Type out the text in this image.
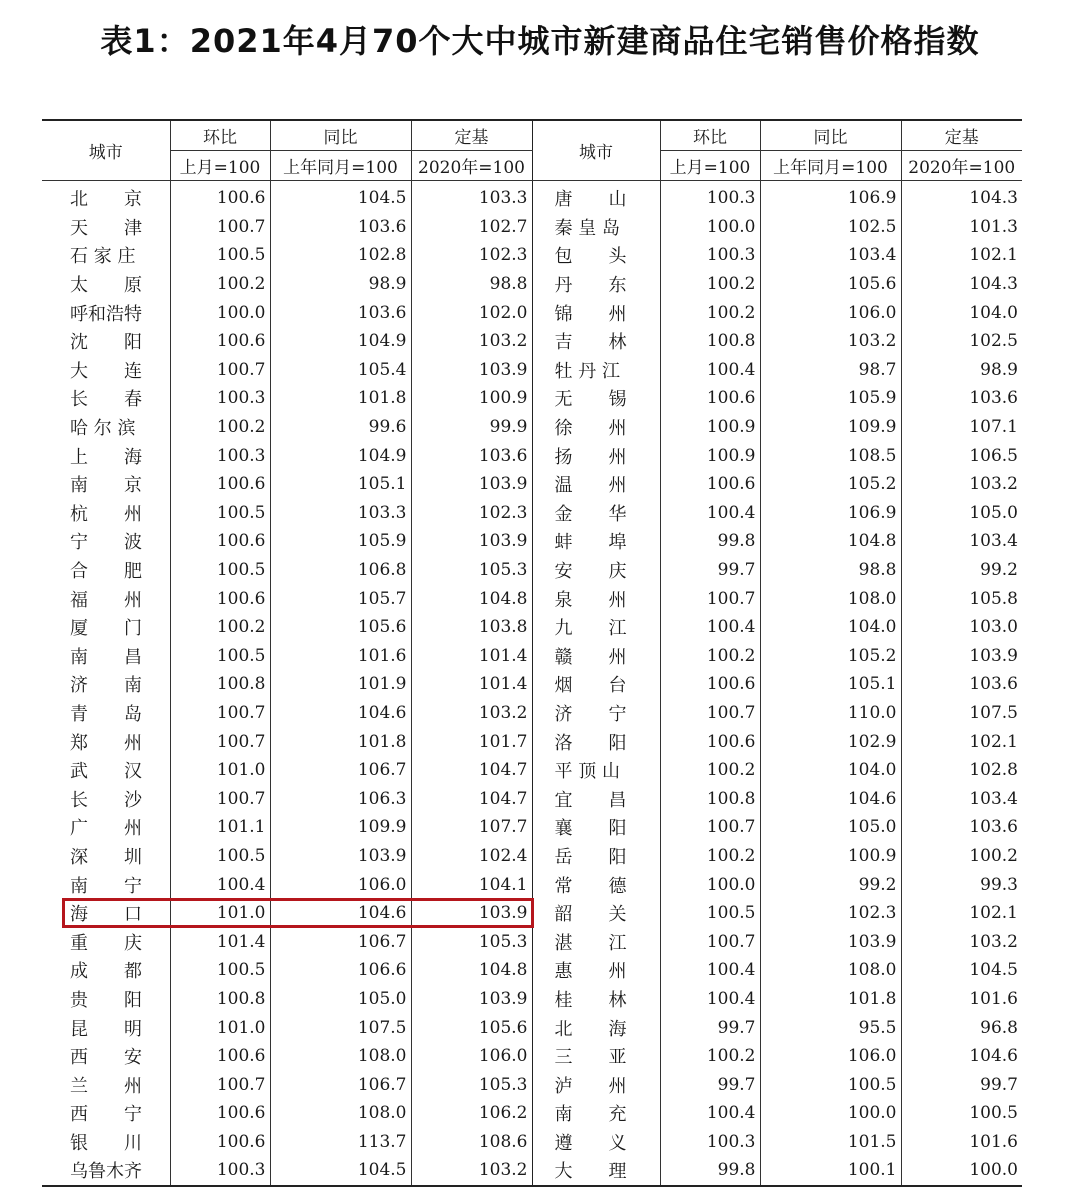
表1：2021年4月70个大中城市新建商品住宅销售价格指数
城市	环比	同比	定基	城市	环比	同比	定基
	上月=100	上年同月=100	2020年=100		上月=100	上年同月=100	2020年=100
北　　京	100.6	104.5	103.3	唐　　山	100.3	106.9	104.3
天　　津	100.7	103.6	102.7	秦 皇 岛	100.0	102.5	101.3
石 家 庄	100.5	102.8	102.3	包　　头	100.3	103.4	102.1
太　　原	100.2	98.9	98.8	丹　　东	100.2	105.6	104.3
呼和浩特	100.0	103.6	102.0	锦　　州	100.2	106.0	104.0
沈　　阳	100.6	104.9	103.2	吉　　林	100.8	103.2	102.5
大　　连	100.7	105.4	103.9	牡 丹 江	100.4	98.7	98.9
长　　春	100.3	101.8	100.9	无　　锡	100.6	105.9	103.6
哈 尔 滨	100.2	99.6	99.9	徐　　州	100.9	109.9	107.1
上　　海	100.3	104.9	103.6	扬　　州	100.9	108.5	106.5
南　　京	100.6	105.1	103.9	温　　州	100.6	105.2	103.2
杭　　州	100.5	103.3	102.3	金　　华	100.4	106.9	105.0
宁　　波	100.6	105.9	103.9	蚌　　埠	99.8	104.8	103.4
合　　肥	100.5	106.8	105.3	安　　庆	99.7	98.8	99.2
福　　州	100.6	105.7	104.8	泉　　州	100.7	108.0	105.8
厦　　门	100.2	105.6	103.8	九　　江	100.4	104.0	103.0
南　　昌	100.5	101.6	101.4	赣　　州	100.2	105.2	103.9
济　　南	100.8	101.9	101.4	烟　　台	100.6	105.1	103.6
青　　岛	100.7	104.6	103.2	济　　宁	100.7	110.0	107.5
郑　　州	100.7	101.8	101.7	洛　　阳	100.6	102.9	102.1
武　　汉	101.0	106.7	104.7	平 顶 山	100.2	104.0	102.8
长　　沙	100.7	106.3	104.7	宜　　昌	100.8	104.6	103.4
广　　州	101.1	109.9	107.7	襄　　阳	100.7	105.0	103.6
深　　圳	100.5	103.9	102.4	岳　　阳	100.2	100.9	100.2
南　　宁	100.4	106.0	104.1	常　　德	100.0	99.2	99.3
海　　口	101.0	104.6	103.9	韶　　关	100.5	102.3	102.1
重　　庆	101.4	106.7	105.3	湛　　江	100.7	103.9	103.2
成　　都	100.5	106.6	104.8	惠　　州	100.4	108.0	104.5
贵　　阳	100.8	105.0	103.9	桂　　林	100.4	101.8	101.6
昆　　明	101.0	107.5	105.6	北　　海	99.7	95.5	96.8
西　　安	100.6	108.0	106.0	三　　亚	100.2	106.0	104.6
兰　　州	100.7	106.7	105.3	泸　　州	99.7	100.5	99.7
西　　宁	100.6	108.0	106.2	南　　充	100.4	100.0	100.5
银　　川	100.6	113.7	108.6	遵　　义	100.3	101.5	101.6
乌鲁木齐	100.3	104.5	103.2	大　　理	99.8	100.1	100.0
